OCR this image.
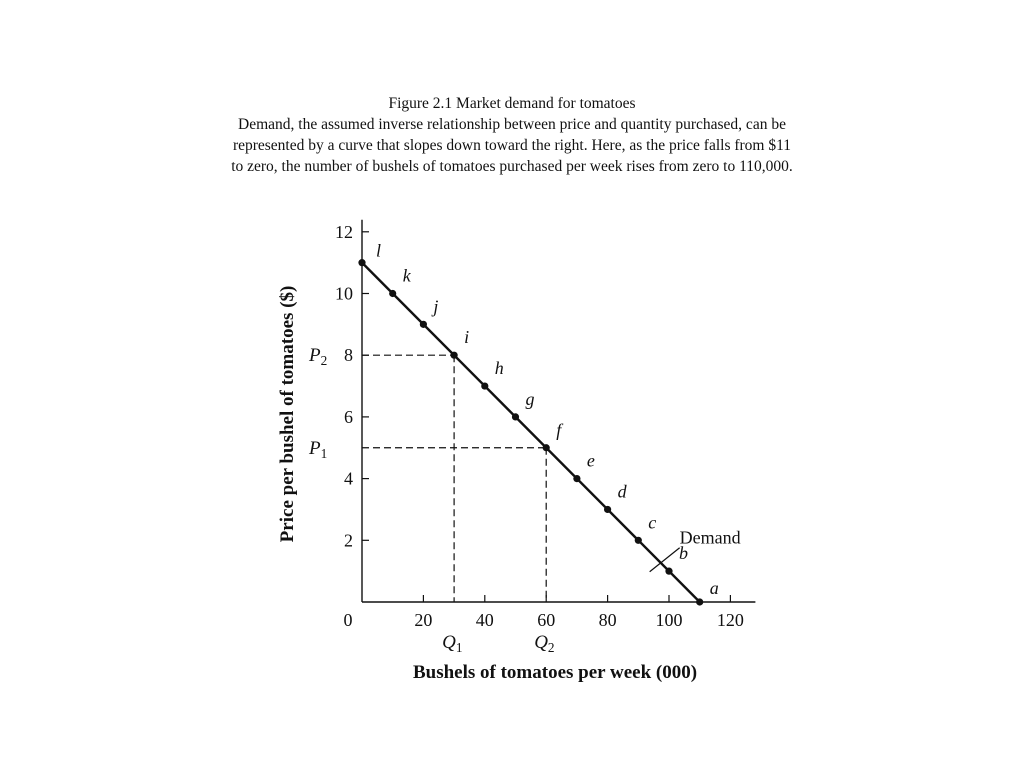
Figure 2.1 Market demand for tomatoes
Demand, the assumed inverse relationship between price and quantity purchased, can be
represented by a curve that slopes down toward the right. Here, as the price falls from $11
to zero, the number of bushels of tomatoes purchased per week rises from zero to 110,000.
0	20 40 60 80 100 120
2
4
6
8
10
12
$P_2$
$Q_1$
$P_1$
$Q_2$
l
k
j
i
h
g
f
e
d
c
b
a
Demand
Bushels of tomatoes per week (000)
Price per bushel of tomatoes ($)
